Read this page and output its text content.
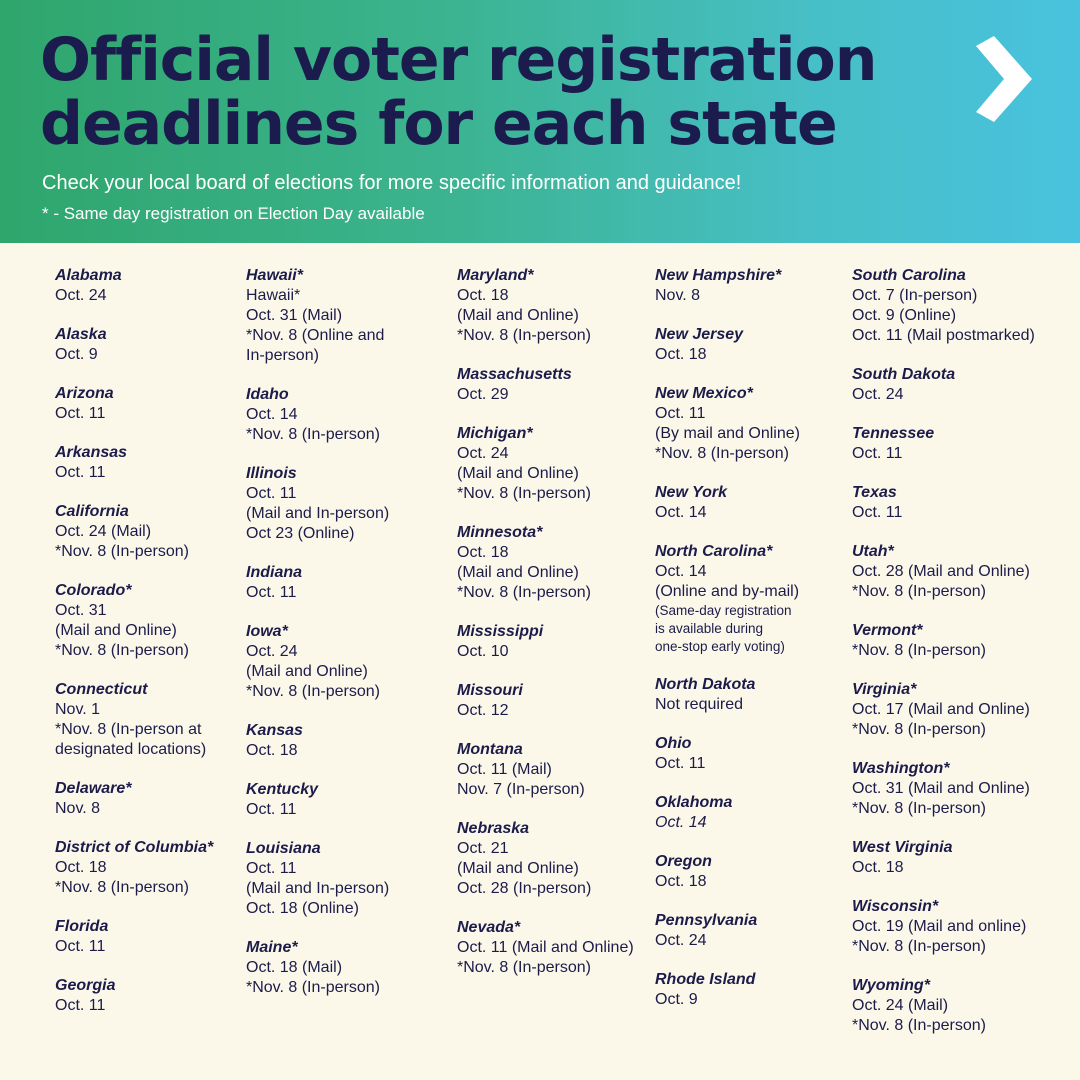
Official voter registration
deadlines for each state
Check your local board of elections for more specific information and guidance!
* - Same day registration on Election Day available
Alabama
Oct. 24
Alaska
Oct. 9
Arizona
Oct. 11
Arkansas
Oct. 11
California
Oct. 24 (Mail)
*Nov. 8 (In-person)
Colorado*
Oct. 31
(Mail and Online)
*Nov. 8 (In-person)
Connecticut
Nov. 1
*Nov. 8 (In-person at
designated locations)
Delaware*
Nov. 8
District of Columbia*
Oct. 18
*Nov. 8 (In-person)
Florida
Oct. 11
Georgia
Oct. 11
Hawaii*
Hawaii*
Oct. 31 (Mail)
*Nov. 8 (Online and
In-person)
Idaho
Oct. 14
*Nov. 8 (In-person)
Illinois
Oct. 11
(Mail and In-person)
Oct 23 (Online)
Indiana
Oct. 11
Iowa*
Oct. 24
(Mail and Online)
*Nov. 8 (In-person)
Kansas
Oct. 18
Kentucky
Oct. 11
Louisiana
Oct. 11
(Mail and In-person)
Oct. 18 (Online)
Maine*
Oct. 18 (Mail)
*Nov. 8 (In-person)
Maryland*
Oct. 18
(Mail and Online)
*Nov. 8 (In-person)
Massachusetts
Oct. 29
Michigan*
Oct. 24
(Mail and Online)
*Nov. 8 (In-person)
Minnesota*
Oct. 18
(Mail and Online)
*Nov. 8 (In-person)
Mississippi
Oct. 10
Missouri
Oct. 12
Montana
Oct. 11 (Mail)
Nov. 7 (In-person)
Nebraska
Oct. 21
(Mail and Online)
Oct. 28 (In-person)
Nevada*
Oct. 11 (Mail and Online)
*Nov. 8 (In-person)
New Hampshire*
Nov. 8
New Jersey
Oct. 18
New Mexico*
Oct. 11
(By mail and Online)
*Nov. 8 (In-person)
New York
Oct. 14
North Carolina*
Oct. 14
(Online and by-mail)
(Same-day registration
is available during
one-stop early voting)
North Dakota
Not required
Ohio
Oct. 11
Oklahoma
Oct. 14
Oregon
Oct. 18
Pennsylvania
Oct. 24
Rhode Island
Oct. 9
South Carolina
Oct. 7 (In-person)
Oct. 9 (Online)
Oct. 11 (Mail postmarked)
South Dakota
Oct. 24
Tennessee
Oct. 11
Texas
Oct. 11
Utah*
Oct. 28 (Mail and Online)
*Nov. 8 (In-person)
Vermont*
*Nov. 8 (In-person)
Virginia*
Oct. 17 (Mail and Online)
*Nov. 8 (In-person)
Washington*
Oct. 31 (Mail and Online)
*Nov. 8 (In-person)
West Virginia
Oct. 18
Wisconsin*
Oct. 19 (Mail and online)
*Nov. 8 (In-person)
Wyoming*
Oct. 24 (Mail)
*Nov. 8 (In-person)
